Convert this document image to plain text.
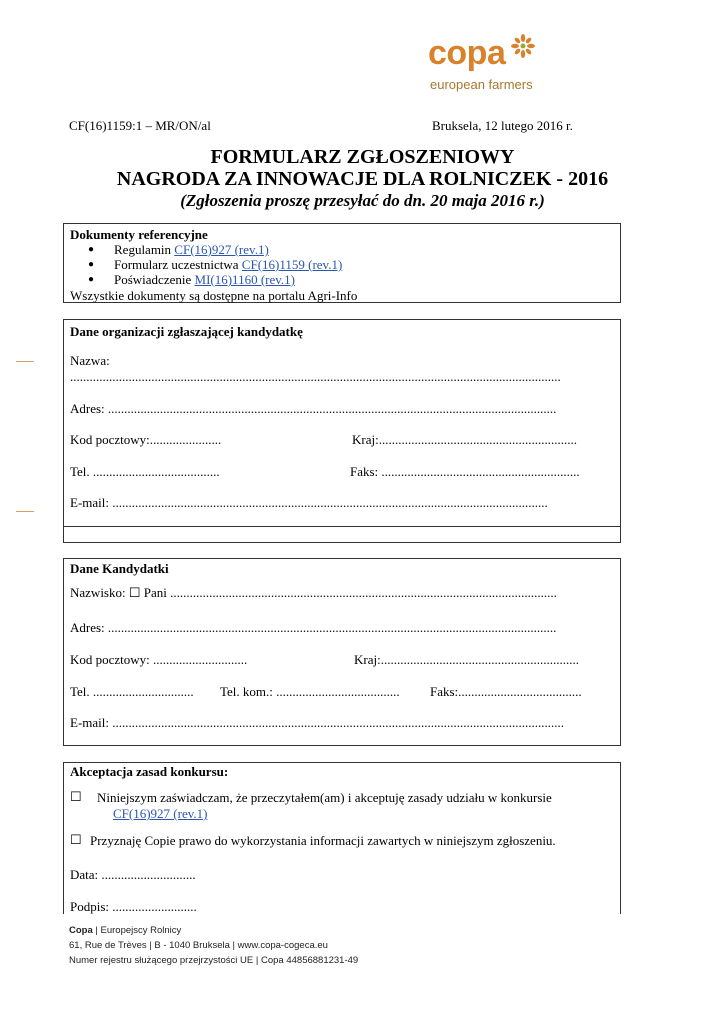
copa
european farmers
CF(16)1159:1 – MR/ON/al	Bruksela, 12 lutego 2016 r.
FORMULARZ ZGŁOSZENIOWY
NAGRODA ZA INNOWACJE DLA ROLNICZEK - 2016
(Zgłoszenia proszę przesyłać do dn. 20 maja 2016 r.)
Dokumenty referencyjne
● Regulamin CF(16)927 (rev.1)
● Formularz uczestnictwa CF(16)1159 (rev.1)
● Poświadczenie MI(16)1160 (rev.1)
Wszystkie dokumenty są dostępne na portalu Agri-Info
Dane organizacji zgłaszającej kandydatkę
Nazwa:
.......................................................................................................................................................
Adres: ..........................................................................................................................................
Kod pocztowy:......................	Kraj:.............................................................
Tel. .......................................	Faks: .............................................................
E-mail: ......................................................................................................................................
Dane Kandydatki
Nazwisko: ☐ Pani .......................................................................................................................
Adres: ..........................................................................................................................................
Kod pocztowy: .............................	Kraj:.............................................................
Tel. ............................... Tel. kom.: ...................................... Faks:......................................
E-mail: ...........................................................................................................................................
Akceptacja zasad konkursu:
☐ Niniejszym zaświadczam, że przeczytałem(am) i akceptuję zasady udziału w konkursie
CF(16)927 (rev.1)
☐ Przyznaję Copie prawo do wykorzystania informacji zawartych w niniejszym zgłoszeniu.
Data: .............................
Podpis: ..........................
Copa | Europejscy Rolnicy
61, Rue de Trèves | B - 1040 Bruksela | www.copa-cogeca.eu
Numer rejestru służącego przejrzystości UE | Copa 44856881231-49
